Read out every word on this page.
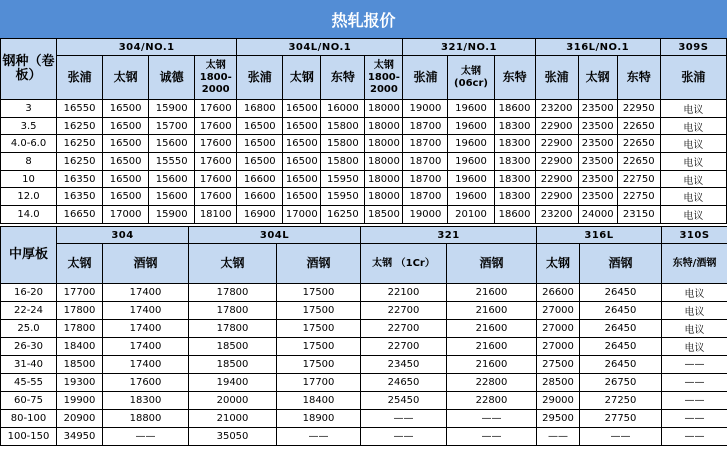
热轧报价
钢种（卷板）	304/NO.1				304L/NO.1				321/NO.1			316L/NO.1			309S
	张浦	太钢	诚德	太钢 1800-2000	张浦	太钢	东特	太钢 1800-2000	张浦	太钢 (06cr)	东特	张浦	太钢	东特	张浦
3	16550	16500	15900	17600	16800	16500	16000	18000	19000	19600	18600	23200	23500	22950	电议
3.5	16250	16500	15700	17600	16500	16500	15800	18000	18700	19600	18300	22900	23500	22650	电议
4.0-6.0	16250	16500	15600	17600	16500	16500	15800	18000	18700	19600	18300	22900	23500	22650	电议
8	16250	16500	15550	17600	16500	16500	15800	18000	18700	19600	18300	22900	23500	22650	电议
10	16350	16500	15600	17600	16600	16500	15950	18000	18700	19600	18300	22900	23500	22750	电议
12.0	16350	16500	15600	17600	16600	16500	15950	18000	18700	19600	18300	22900	23500	22750	电议
14.0	16650	17000	15900	18100	16900	17000	16250	18500	19000	20100	18600	23200	24000	23150	电议
中厚板	304		304L		321		316L		310S
	太钢	酒钢	太钢	酒钢	太钢 （1Cr）	酒钢	太钢	酒钢	东特/酒钢
16-20	17700	17400	17800	17500	22100	21600	26600	26450	电议
22-24	17800	17400	17800	17500	22700	21600	27000	26450	电议
25.0	17800	17400	17800	17500	22700	21600	27000	26450	电议
26-30	18400	17400	18500	17500	22700	21600	27000	26450	电议
31-40	18500	17400	18500	17500	23450	21600	27500	26450	——
45-55	19300	17600	19400	17700	24650	22800	28500	26750	——
60-75	19900	18300	20000	18400	25450	22800	29000	27250	——
80-100	20900	18800	21000	18900	——	——	29500	27750	——
100-150	34950	——	35050	——	——	——	——	——	——
